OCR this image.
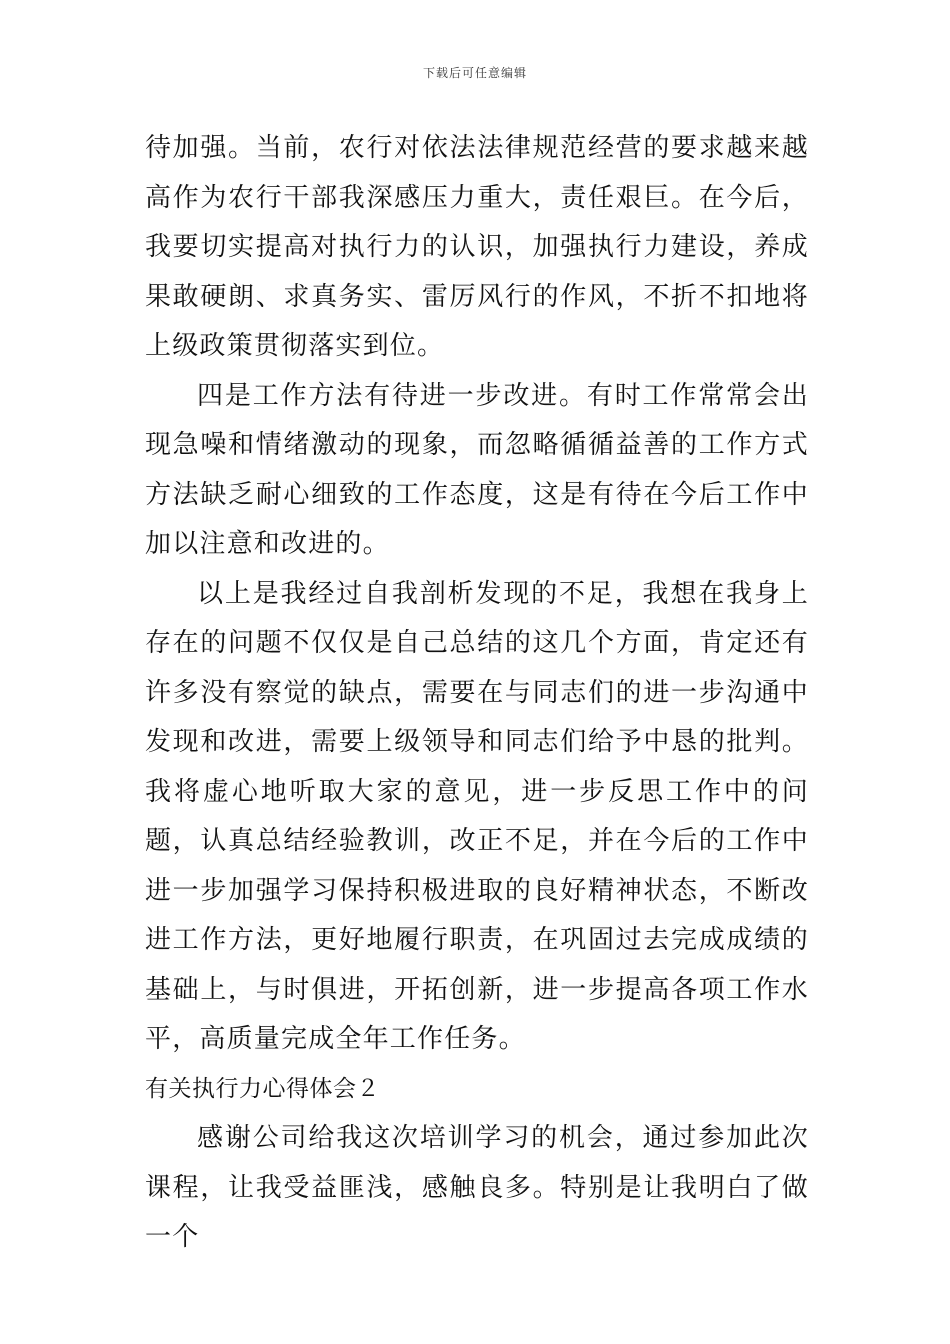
下载后可任意编辑

待加强。当前，农行对依法法律规范经营的要求越来越高作为农行干部我深感压力重大，责任艰巨。在今后，我要切实提高对执行力的认识，加强执行力建设，养成果敢硬朗、求真务实、雷厉风行的作风，不折不扣地将上级政策贯彻落实到位。

四是工作方法有待进一步改进。有时工作常常会出现急噪和情绪激动的现象，而忽略循循益善的工作方式方法缺乏耐心细致的工作态度，这是有待在今后工作中加以注意和改进的。

以上是我经过自我剖析发现的不足，我想在我身上存在的问题不仅仅是自己总结的这几个方面，肯定还有许多没有察觉的缺点，需要在与同志们的进一步沟通中发现和改进，需要上级领导和同志们给予中恳的批判。我将虚心地听取大家的意见，进一步反思工作中的问题，认真总结经验教训，改正不足，并在今后的工作中进一步加强学习保持积极进取的良好精神状态，不断改进工作方法，更好地履行职责，在巩固过去完成成绩的基础上，与时俱进，开拓创新，进一步提高各项工作水平，高质量完成全年工作任务。

有关执行力心得体会２

感谢公司给我这次培训学习的机会，通过参加此次课程，让我受益匪浅，感触良多。特别是让我明白了做一个
